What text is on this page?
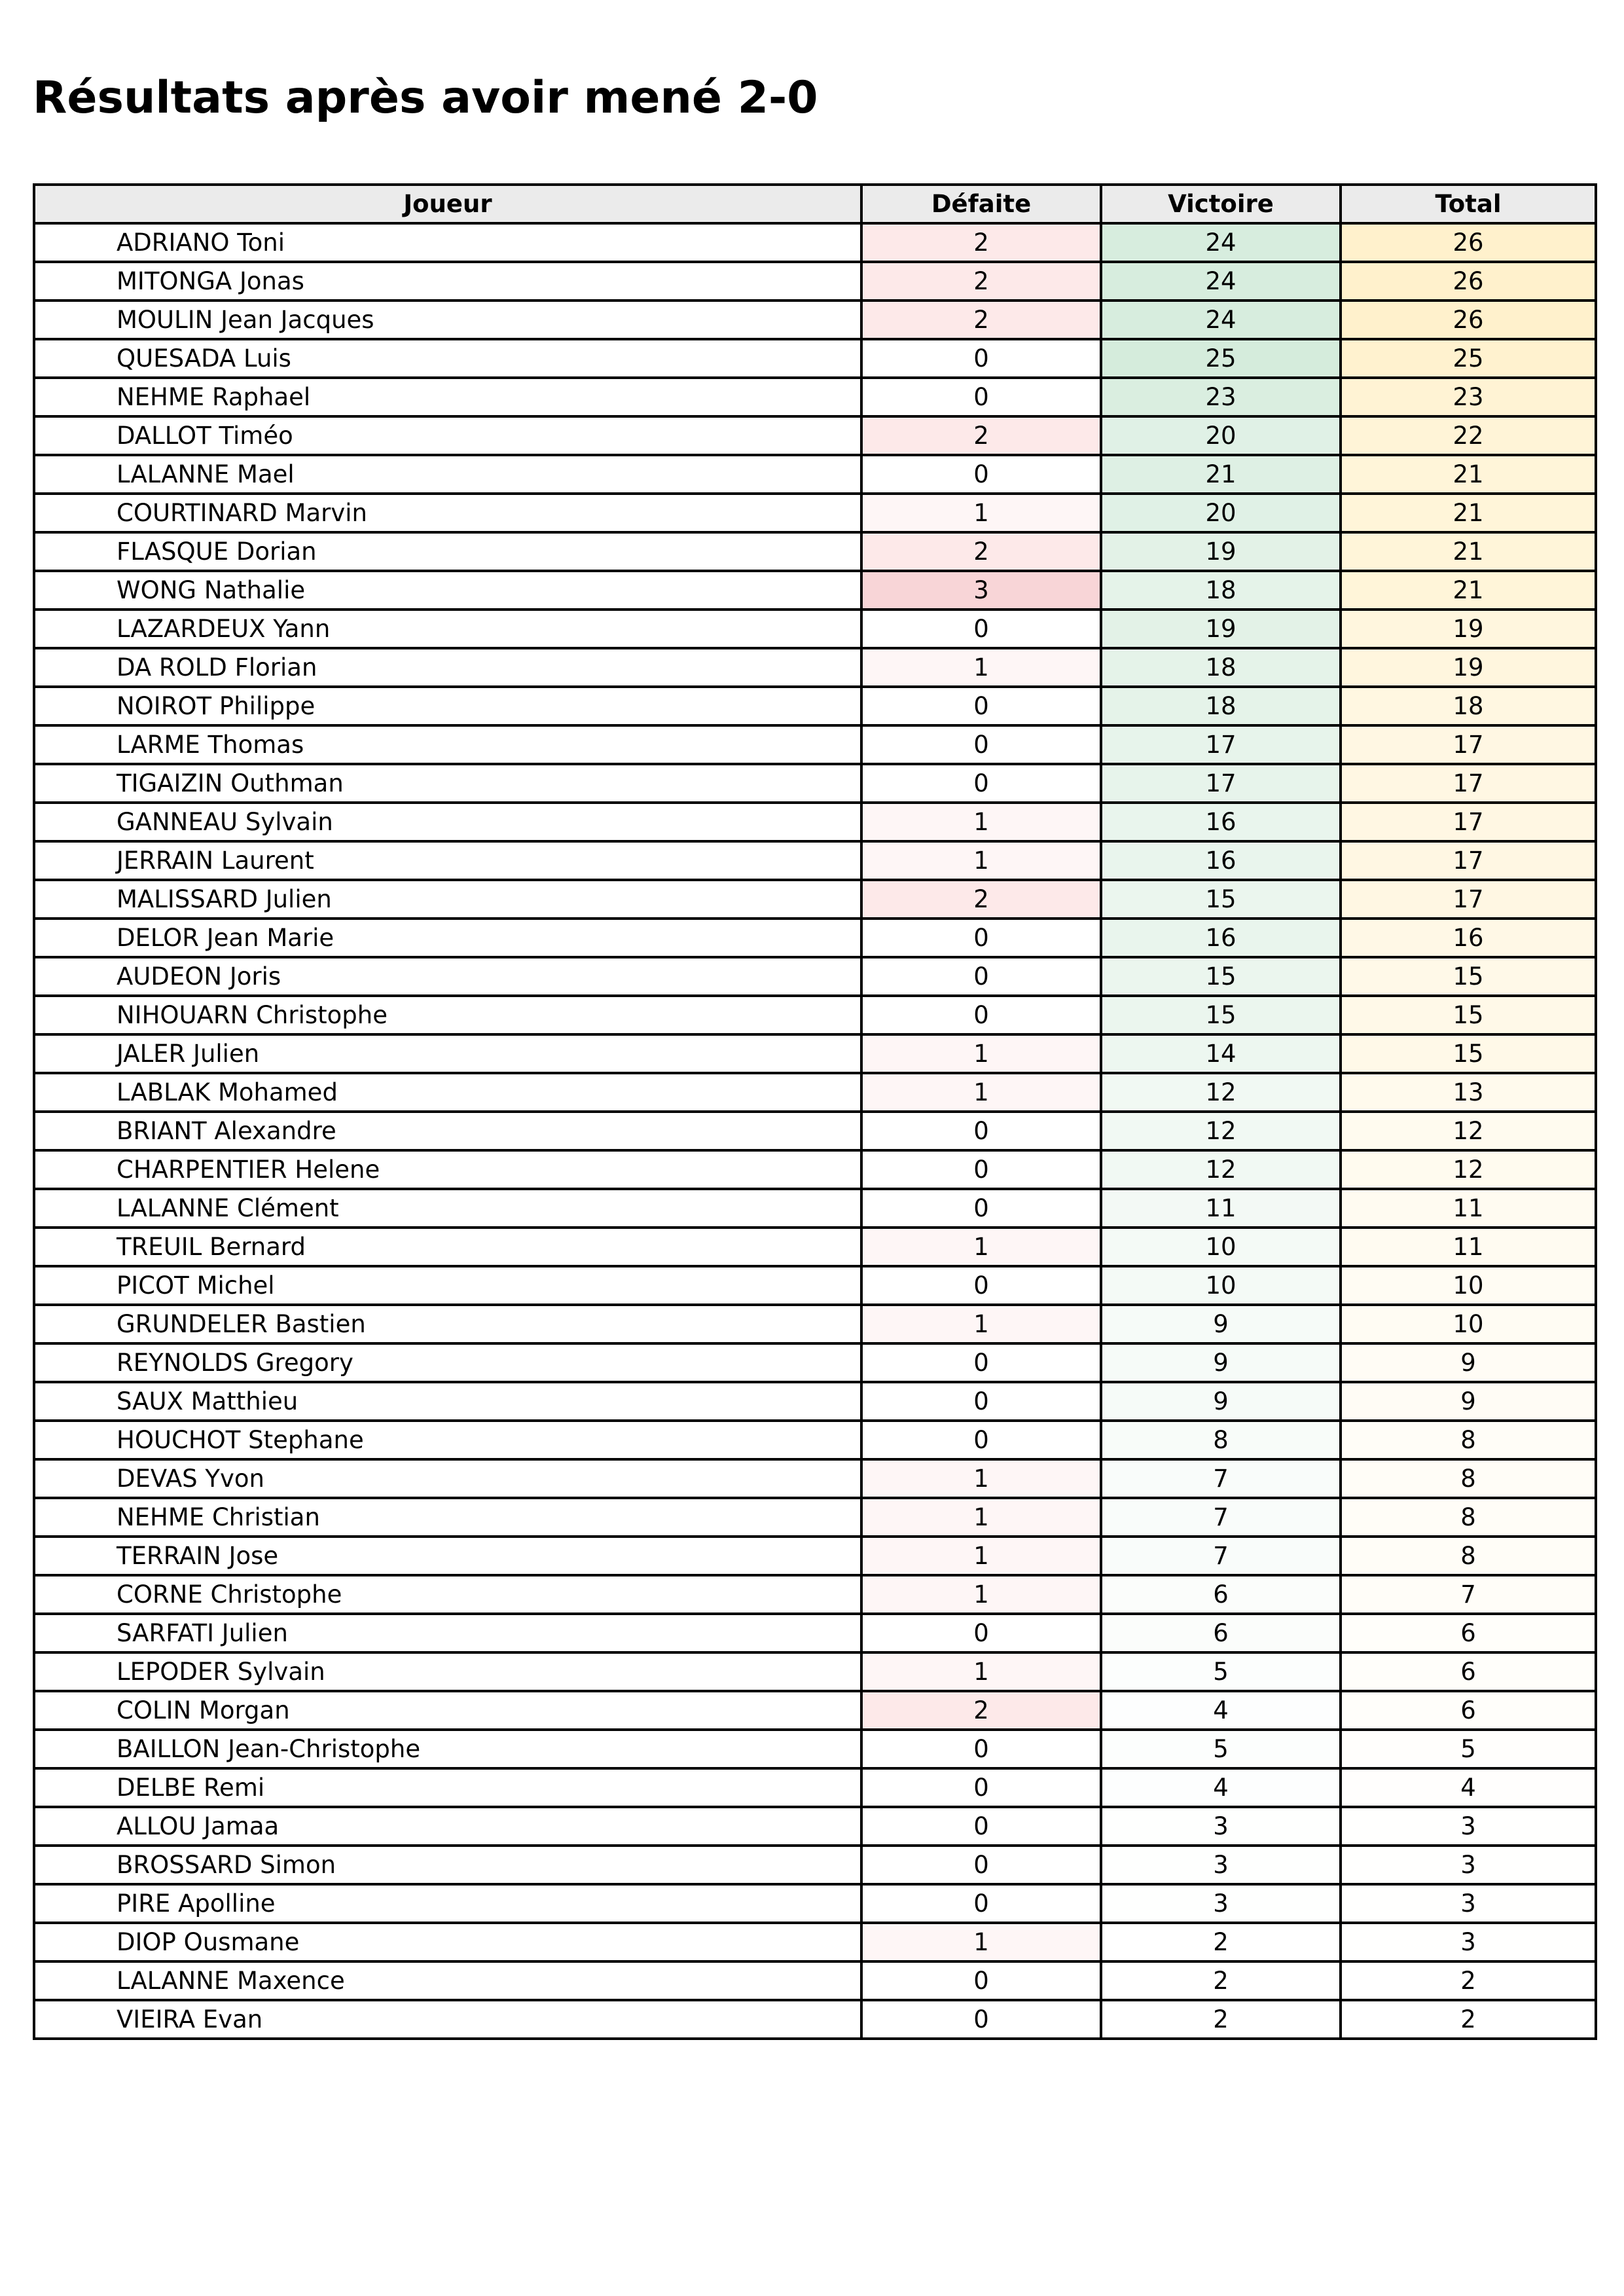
Résultats après avoir mené 2-0
Joueur	Défaite	Victoire	Total
ADRIANO Toni	2	24	26
MITONGA Jonas	2	24	26
MOULIN Jean Jacques	2	24	26
QUESADA Luis	0	25	25
NEHME Raphael	0	23	23
DALLOT Timéo	2	20	22
LALANNE Mael	0	21	21
COURTINARD Marvin	1	20	21
FLASQUE Dorian	2	19	21
WONG Nathalie	3	18	21
LAZARDEUX Yann	0	19	19
DA ROLD Florian	1	18	19
NOIROT Philippe	0	18	18
LARME Thomas	0	17	17
TIGAIZIN Outhman	0	17	17
GANNEAU Sylvain	1	16	17
JERRAIN Laurent	1	16	17
MALISSARD Julien	2	15	17
DELOR Jean Marie	0	16	16
AUDEON Joris	0	15	15
NIHOUARN Christophe	0	15	15
JALER Julien	1	14	15
LABLAK Mohamed	1	12	13
BRIANT Alexandre	0	12	12
CHARPENTIER Helene	0	12	12
LALANNE Clément	0	11	11
TREUIL Bernard	1	10	11
PICOT Michel	0	10	10
GRUNDELER Bastien	1	9	10
REYNOLDS Gregory	0	9	9
SAUX Matthieu	0	9	9
HOUCHOT Stephane	0	8	8
DEVAS Yvon	1	7	8
NEHME Christian	1	7	8
TERRAIN Jose	1	7	8
CORNE Christophe	1	6	7
SARFATI Julien	0	6	6
LEPODER Sylvain	1	5	6
COLIN Morgan	2	4	6
BAILLON Jean-Christophe	0	5	5
DELBE Remi	0	4	4
ALLOU Jamaa	0	3	3
BROSSARD Simon	0	3	3
PIRE Apolline	0	3	3
DIOP Ousmane	1	2	3
LALANNE Maxence	0	2	2
VIEIRA Evan	0	2	2
